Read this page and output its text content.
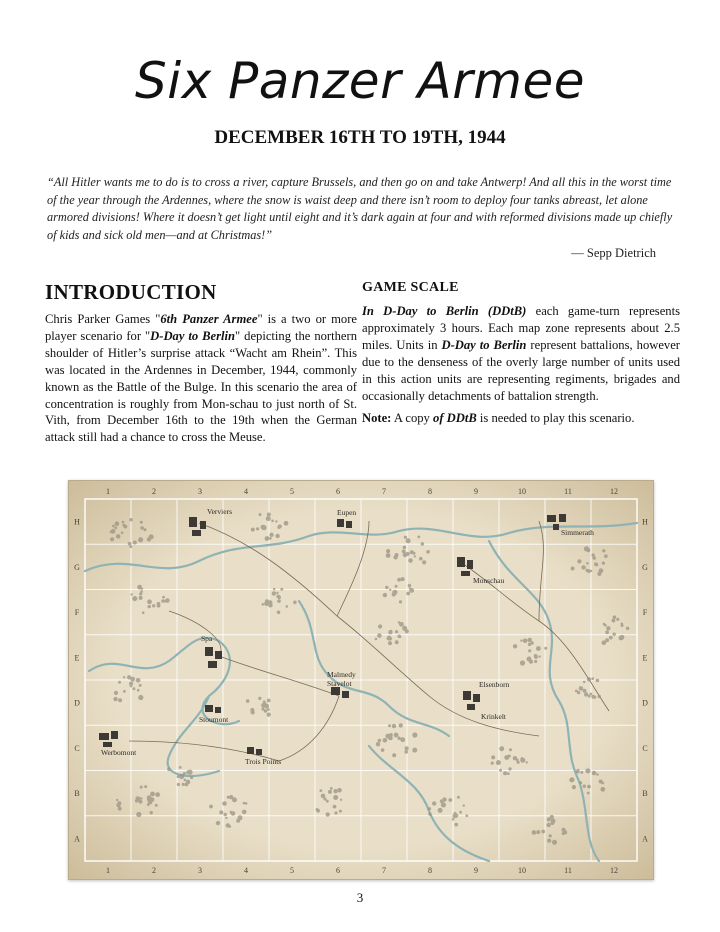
Six Panzer Armee
DECEMBER 16TH TO 19TH, 1944
“All Hitler wants me to do is to cross a river, capture Brussels, and then go on and take Antwerp! And all this in the worst time of the year through the Ardennes, where the snow is waist deep and there isn’t room to deploy four tanks abreast, let alone armored divisions! Where it doesn’t get light until eight and it’s dark again at four and with reformed divisions made up chiefly of kids and sick old men—and at Christmas!”
— Sepp Dietrich
INTRODUCTION

Chris Parker Games "6th Panzer Armee" is a two or more player scenario for "D-Day to Berlin" depicting the northern shoulder of Hitler’s surprise attack “Wacht am Rhein”. This was located in the Ardennes in December, 1944, commonly known as the Battle of the Bulge. In this scenario the area of concentration is roughly from Mon-schau to just north of St. Vith, from December 16th to the 19th when the German attack still had a chance to cross the Meuse.

GAME SCALE

In D-Day to Berlin (DDtB) each game-turn represents approximately 3 hours. Each map zone represents about 2.5 miles. Units in D-Day to Berlin represent battalions, however due to the denseness of the overly large number of units used in this action units are representing regiments, brigades and occasionally detachments of battalion strength.

Note: A copy of DDtB is needed to play this scenario.

Verviers	Eupen
Simmerath
Monschau
Spa
Malmedy
Stavelot
Stoumont
Elsenborn
Krinkelt
Werbomont
Trois Points
1
1
2
2
3
3
4
4
5
5
6
6
7
7
8
8
9
9
10
10
11
11
12
12
H	H
G	G
F	F
E	E
D	D
C	C
B	B
A	A
3
